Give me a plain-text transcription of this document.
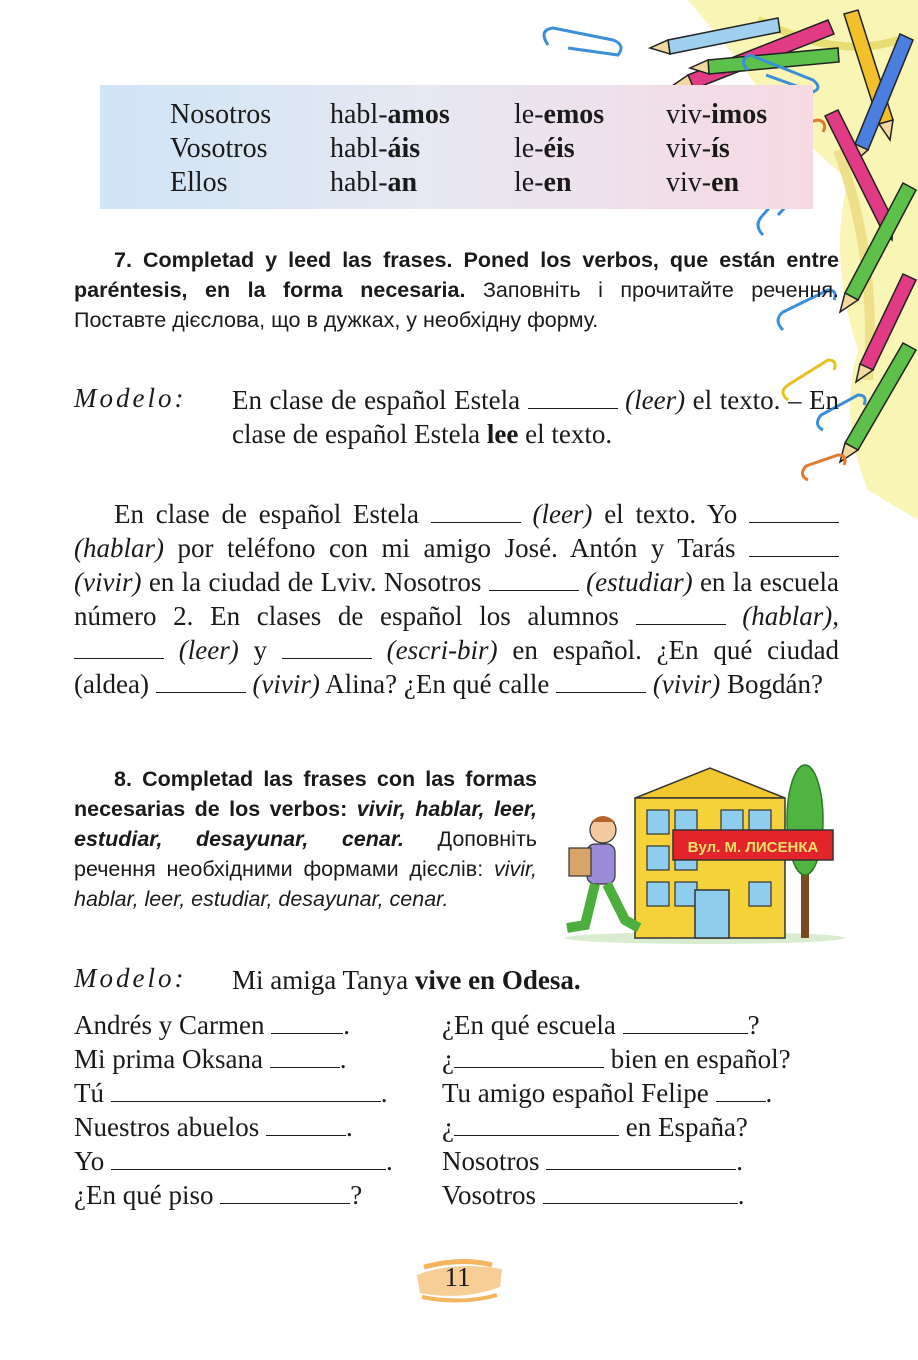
Nosotros habl-amos le-emos viv-imos
Vosotros habl-áis	le-éis	viv-ís
Ellos	habl-an	le-en	viv-en
7. Completad y leed las frases. Poned los verbos, que están entre paréntesis, en la forma necesaria. Заповніть і прочитайте речення. Поставте дієслова, що в дужках, у необхідну форму.
Modelo: En clase de español Estela	(leer) el texto. – En clase de español Estela lee el texto.
En clase de español Estela	(leer) el texto. Yo  (hablar) por teléfono con mi amigo José. Antón y Tarás  (vivir) en la ciudad de Lviv. Nosotros	(estudiar) en la escuela número 2. En clases de español los alumnos	(hablar),  (leer) y	(escri-bir) en español. ¿En qué ciudad (aldea)	(vivir) Alina? ¿En qué calle	(vivir) Bogdán?
8. Completad las frases con las formas necesarias de los verbos: vivir, hablar, leer, estudiar, desayunar, cenar. Доповніть речення необхідними формами дієслів: vivir, hablar, leer, estudiar, desayunar, cenar.
Вул. М. ЛИСЕНКА
Modelo: Mi amiga Tanya vive en Odesa.
Andrés y Carmen	.
Mi prima Oksana	.
Tú	.
Nuestros abuelos	.
Yo	.
¿En qué piso	?
¿En qué escuela	?
¿	bien en español?
Tu amigo español Felipe .
¿	en España?
Nosotros	.
Vosotros	.
11
